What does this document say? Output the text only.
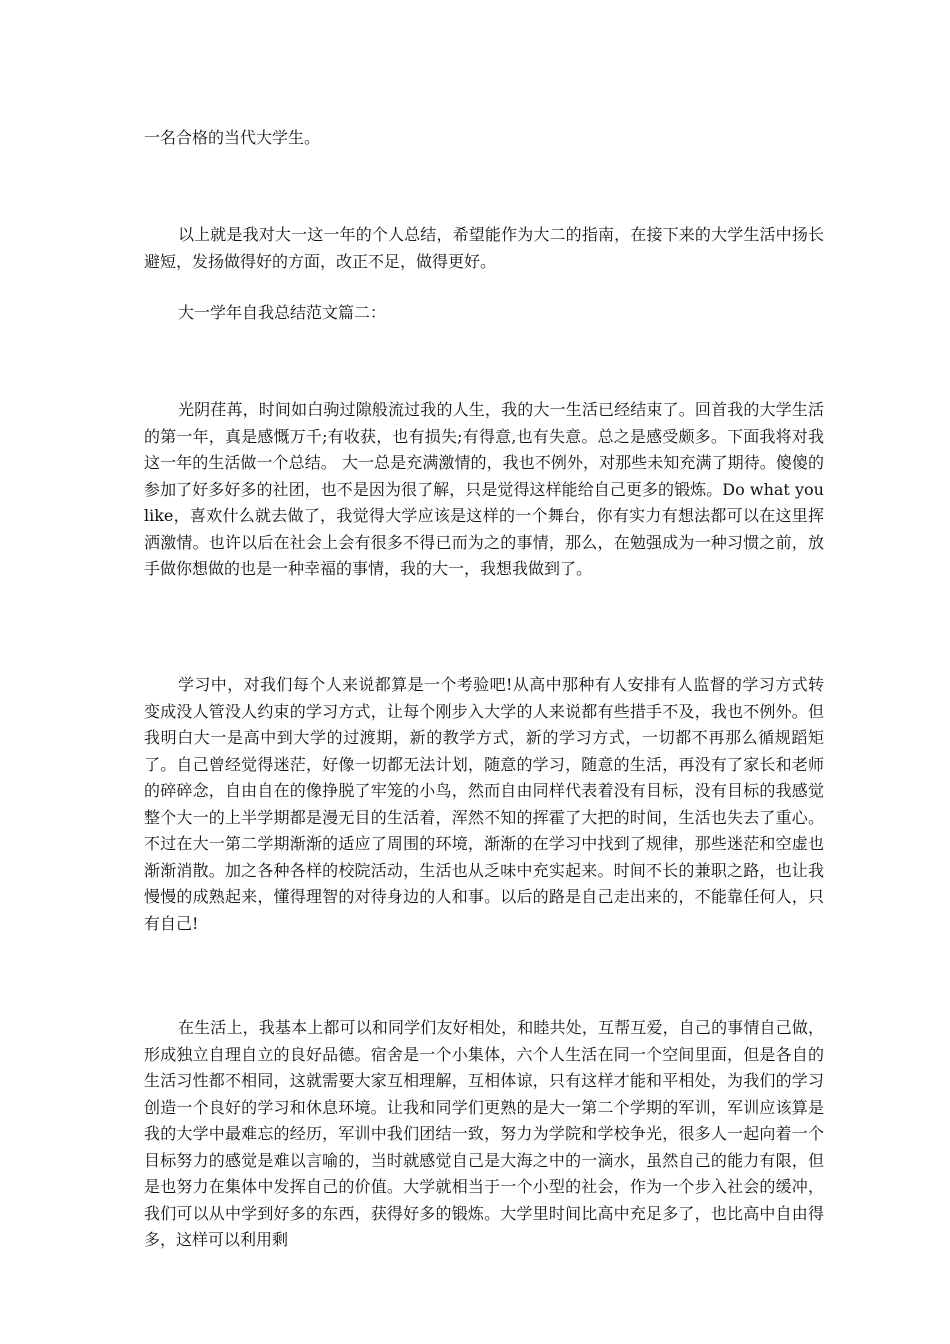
一名合格的当代大学生。

以上就是我对大一这一年的个人总结，希望能作为大二的指南，在接下来的大学生活中扬长避短，发扬做得好的方面，改正不足，做得更好。

大一学年自我总结范文篇二：

光阴荏苒，时间如白驹过隙般流过我的人生，我的大一生活已经结束了。回首我的大学生活的第一年，真是感慨万千;有收获，也有损失;有得意,也有失意。总之是感受颇多。下面我将对我这一年的生活做一个总结。 大一总是充满激情的，我也不例外，对那些未知充满了期待。傻傻的参加了好多好多的社团，也不是因为很了解，只是觉得这样能给自己更多的锻炼。Do what you like，喜欢什么就去做了，我觉得大学应该是这样的一个舞台，你有实力有想法都可以在这里挥洒激情。也许以后在社会上会有很多不得已而为之的事情，那么，在勉强成为一种习惯之前，放手做你想做的也是一种幸福的事情，我的大一，我想我做到了。

学习中，对我们每个人来说都算是一个考验吧!从高中那种有人安排有人监督的学习方式转变成没人管没人约束的学习方式，让每个刚步入大学的人来说都有些措手不及，我也不例外。但我明白大一是高中到大学的过渡期，新的教学方式，新的学习方式，一切都不再那么循规蹈矩了。自己曾经觉得迷茫，好像一切都无法计划，随意的学习，随意的生活，再没有了家长和老师的碎碎念，自由自在的像挣脱了牢笼的小鸟，然而自由同样代表着没有目标，没有目标的我感觉整个大一的上半学期都是漫无目的生活着，浑然不知的挥霍了大把的时间，生活也失去了重心。不过在大一第二学期渐渐的适应了周围的环境，渐渐的在学习中找到了规律，那些迷茫和空虚也渐渐消散。加之各种各样的校院活动，生活也从乏味中充实起来。时间不长的兼职之路，也让我慢慢的成熟起来，懂得理智的对待身边的人和事。以后的路是自己走出来的，不能靠任何人，只有自己!

在生活上，我基本上都可以和同学们友好相处，和睦共处，互帮互爱，自己的事情自己做，形成独立自理自立的良好品德。宿舍是一个小集体，六个人生活在同一个空间里面，但是各自的生活习性都不相同，这就需要大家互相理解，互相体谅，只有这样才能和平相处，为我们的学习创造一个良好的学习和休息环境。让我和同学们更熟的是大一第二个学期的军训，军训应该算是我的大学中最难忘的经历，军训中我们团结一致，努力为学院和学校争光，很多人一起向着一个目标努力的感觉是难以言喻的，当时就感觉自己是大海之中的一滴水，虽然自己的能力有限，但是也努力在集体中发挥自己的价值。大学就相当于一个小型的社会，作为一个步入社会的缓冲，我们可以从中学到好多的东西，获得好多的锻炼。大学里时间比高中充足多了，也比高中自由得多，这样可以利用剩
